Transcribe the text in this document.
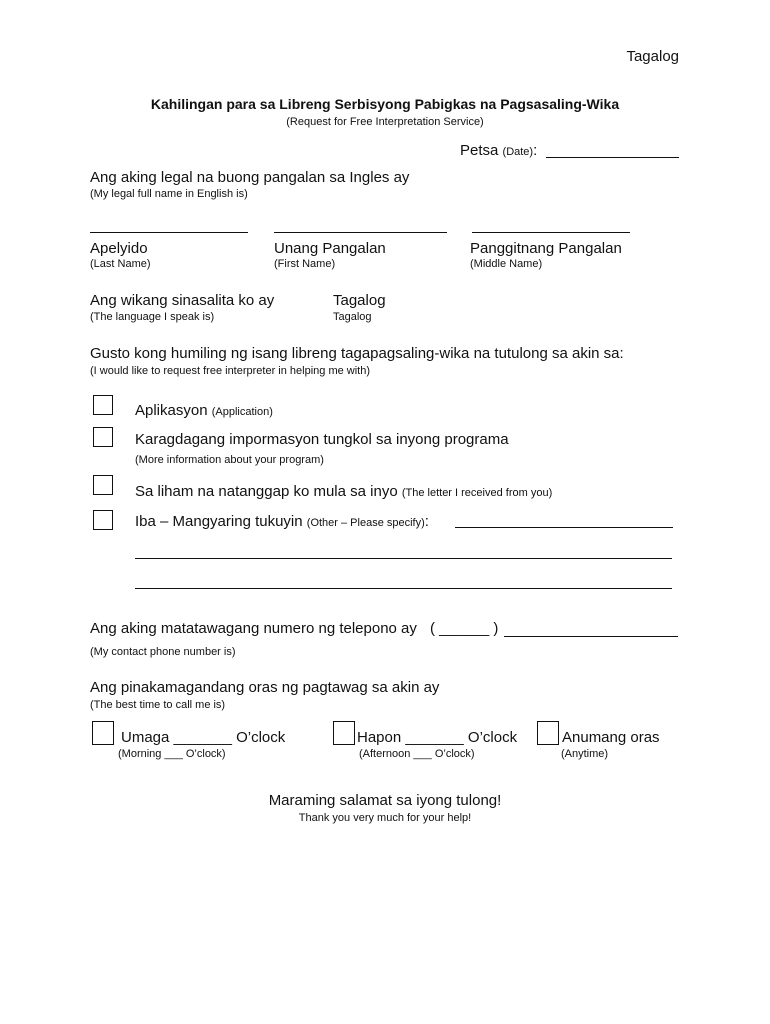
Tagalog
Kahilingan para sa Libreng Serbisyong Pabigkas na Pagsasaling-Wika
(Request for Free Interpretation Service)
Petsa (Date):
Ang aking legal na buong pangalan sa Ingles ay
(My legal full name in English is)
Apelyido
(Last Name)
Unang Pangalan
(First Name)
Panggitnang Pangalan
(Middle Name)
Ang wikang sinasalita ko ay
(The language I speak is)
Tagalog
Tagalog
Gusto kong humiling ng isang libreng tagapagsaling-wika na tutulong sa akin sa:
(I would like to request free interpreter in helping me with)
Aplikasyon (Application)
Karagdagang impormasyon tungkol sa inyong programa
(More information about your program)
Sa liham na natanggap ko mula sa inyo (The letter I received from you)
Iba – Mangyaring tukuyin (Other – Please specify):
Ang aking matatawagang numero ng telepono ay ( ______ )
(My contact phone number is)
Ang pinakamagandang oras ng pagtawag sa akin ay
(The best time to call me is)
Umaga _______ O’clock
(Morning ___ O’clock)
Hapon _______ O’clock
(Afternoon ___ O’clock)
Anumang oras
(Anytime)
Maraming salamat sa iyong tulong!
Thank you very much for your help!
